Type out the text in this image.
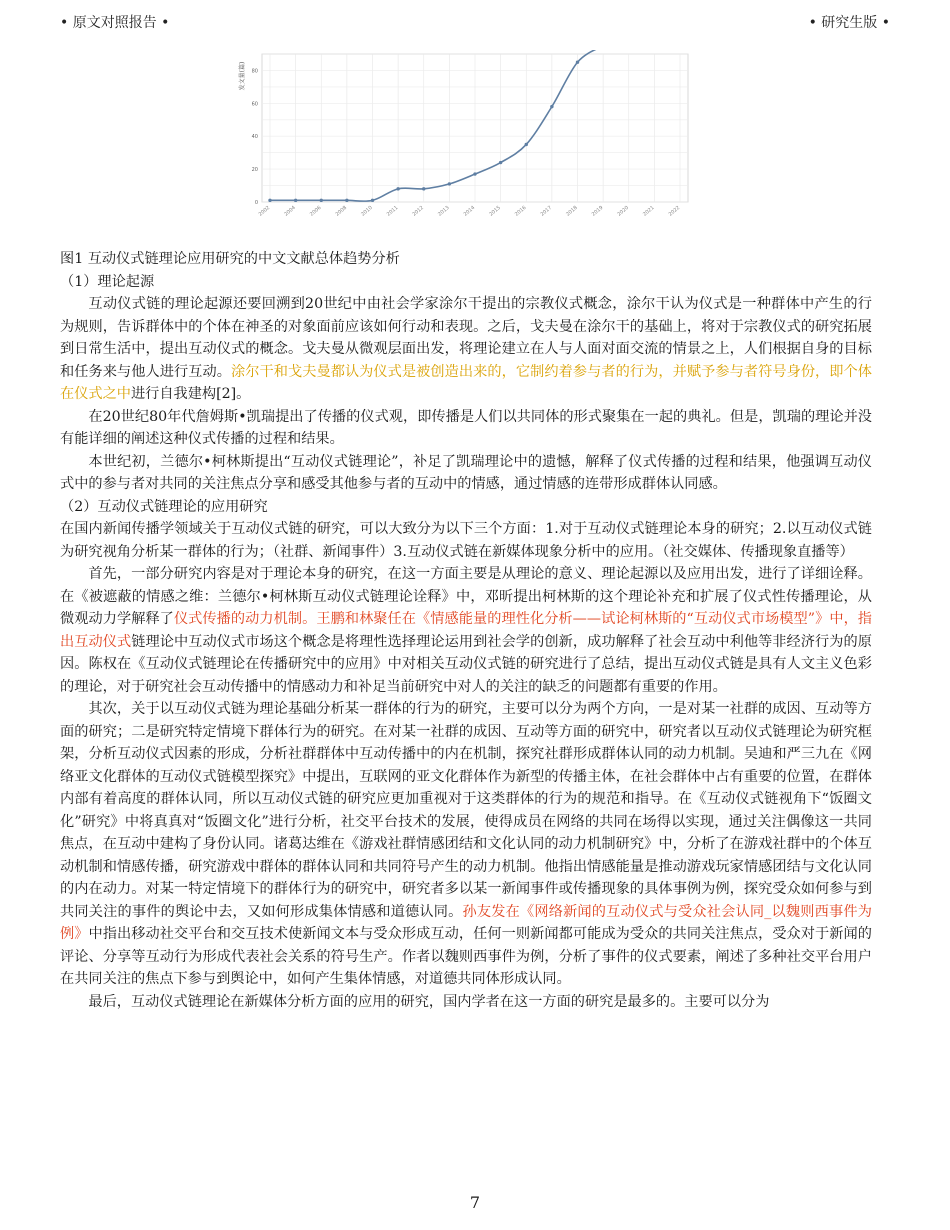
• 原文对照报告 •	• 研究生版 •
0
20
40
60
80
2002 2004 2006 2008 2010 2011 2012 2013 2014 2015 2016 2017 2018 2019 2020 2021 2022
发文量(篇)

图1 互动仪式链理论应用研究的中文文献总体趋势分析

（1）理论起源

互动仪式链的理论起源还要回溯到20世纪中由社会学家涂尔干提出的宗教仪式概念，涂尔干认为仪式是一种群体中产生的行为规则，告诉群体中的个体在神圣的对象面前应该如何行动和表现。之后，戈夫曼在涂尔干的基础上，将对于宗教仪式的研究拓展到日常生活中，提出互动仪式的概念。戈夫曼从微观层面出发，将理论建立在人与人面对面交流的情景之上，人们根据自身的目标和任务来与他人进行互动。涂尔干和戈夫曼都认为仪式是被创造出来的，它制约着参与者的行为，并赋予参与者符号身份，即个体在仪式之中进行自我建构[2]。

在20世纪80年代詹姆斯•凯瑞提出了传播的仪式观，即传播是人们以共同体的形式聚集在一起的典礼。但是，凯瑞的理论并没有能详细的阐述这种仪式传播的过程和结果。

本世纪初，兰德尔•柯林斯提出“互动仪式链理论”，补足了凯瑞理论中的遗憾，解释了仪式传播的过程和结果，他强调互动仪式中的参与者对共同的关注焦点分享和感受其他参与者的互动中的情感，通过情感的连带形成群体认同感。

（2）互动仪式链理论的应用研究

在国内新闻传播学领域关于互动仪式链的研究，可以大致分为以下三个方面：1.对于互动仪式链理论本身的研究；2.以互动仪式链为研究视角分析某一群体的行为；（社群、新闻事件）3.互动仪式链在新媒体现象分析中的应用。（社交媒体、传播现象直播等）

首先，一部分研究内容是对于理论本身的研究，在这一方面主要是从理论的意义、理论起源以及应用出发，进行了详细诠释。在《被遮蔽的情感之维：兰德尔•柯林斯互动仪式链理论诠释》中，邓昕提出柯林斯的这个理论补充和扩展了仪式性传播理论，从微观动力学解释了仪式传播的动力机制。王鹏和林聚任在《情感能量的理性化分析——试论柯林斯的“互动仪式市场模型”》中，指出互动仪式链理论中互动仪式市场这个概念是将理性选择理论运用到社会学的创新，成功解释了社会互动中利他等非经济行为的原因。陈权在《互动仪式链理论在传播研究中的应用》中对相关互动仪式链的研究进行了总结，提出互动仪式链是具有人文主义色彩的理论，对于研究社会互动传播中的情感动力和补足当前研究中对人的关注的缺乏的问题都有重要的作用。

其次，关于以互动仪式链为理论基础分析某一群体的行为的研究，主要可以分为两个方向，一是对某一社群的成因、互动等方面的研究；二是研究特定情境下群体行为的研究。在对某一社群的成因、互动等方面的研究中，研究者以互动仪式链理论为研究框架，分析互动仪式因素的形成，分析社群群体中互动传播中的内在机制，探究社群形成群体认同的动力机制。吴迪和严三九在《网络亚文化群体的互动仪式链模型探究》中提出，互联网的亚文化群体作为新型的传播主体，在社会群体中占有重要的位置，在群体内部有着高度的群体认同，所以互动仪式链的研究应更加重视对于这类群体的行为的规范和指导。在《互动仪式链视角下“饭圈文化”研究》中将真真对“饭圈文化”进行分析，社交平台技术的发展，使得成员在网络的共同在场得以实现，通过关注偶像这一共同焦点，在互动中建构了身份认同。诸葛达维在《游戏社群情感团结和文化认同的动力机制研究》中，分析了在游戏社群中的个体互动机制和情感传播，研究游戏中群体的群体认同和共同符号产生的动力机制。他指出情感能量是推动游戏玩家情感团结与文化认同的内在动力。对某一特定情境下的群体行为的研究中，研究者多以某一新闻事件或传播现象的具体事例为例，探究受众如何参与到共同关注的事件的舆论中去，又如何形成集体情感和道德认同。孙友发在《网络新闻的互动仪式与受众社会认同_以魏则西事件为例》中指出移动社交平台和交互技术使新闻文本与受众形成互动，任何一则新闻都可能成为受众的共同关注焦点，受众对于新闻的评论、分享等互动行为形成代表社会关系的符号生产。作者以魏则西事件为例，分析了事件的仪式要素，阐述了多种社交平台用户在共同关注的焦点下参与到舆论中，如何产生集体情感，对道德共同体形成认同。

最后，互动仪式链理论在新媒体分析方面的应用的研究，国内学者在这一方面的研究是最多的。主要可以分为

7
